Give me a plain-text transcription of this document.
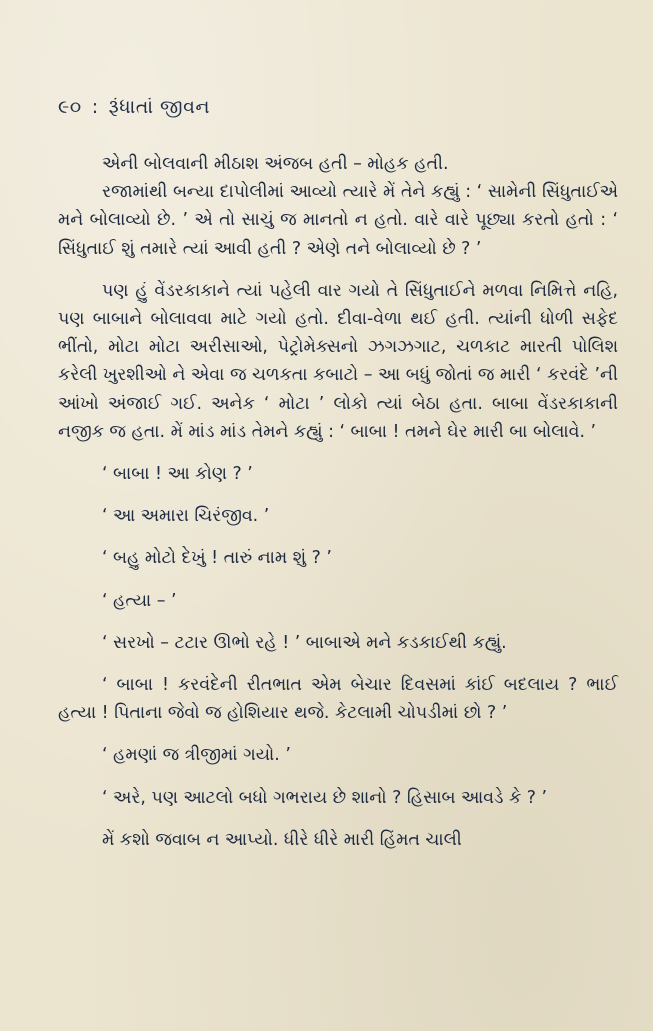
૯૦ : રૂંધાતાં જીવન

એની બોલવાની મીઠાશ અંજબ હતી – મોહક હતી.

રજામાંથી બન્યા દાપોલીમાં આવ્યો ત્યારે મેં તેને કહ્યું : ‘ સામેની સિંધુતાઈએ મને બોલાવ્યો છે. ’ એ તો સાચું જ માનતો ન હતો. વારે વારે પૂછ્યા કરતો હતો : ‘ સિંધુતાઈ શું તમારે ત્યાં આવી હતી ? એણે તને બોલાવ્યો છે ? ’

પણ હું વેંડરકાકાને ત્યાં પહેલી વાર ગયો તે સિંધુતાઈને મળવા નિમિત્તે નહિ, પણ બાબાને બોલાવવા માટે ગયો હતો. દીવા-વેળા થઈ હતી. ત્યાંની ધોળી સફેદ ભીંતો, મોટા મોટા અરીસાઓ, પેટ્રોમેક્સનો ઝગઝગાટ, ચળકાટ મારતી પોલિશ કરેલી ખુરશીઓ ને એવા જ ચળકતા કબાટો – આ બધું જોતાં જ મારી ‘ કરવંદે ’ની આંખો અંજાઈ ગઈ. અનેક ‘ મોટા ’ લોકો ત્યાં બેઠા હતા. બાબા વેંડરકાકાની નજીક જ હતા. મેં માંડ માંડ તેમને કહ્યું : ‘ બાબા ! તમને ઘેર મારી બા બોલાવે. ’

‘ બાબા ! આ કોણ ? ’

‘ આ અમારા ચિરંજીવ. ’

‘ બહુ મોટો દેખું ! તારું નામ શું ? ’

‘ હત્યા – ’

‘ સરખો – ટટાર ઊભો રહે ! ’ બાબાએ મને કડકાઈથી કહ્યું.

‘ બાબા ! કરવંદેની રીતભાત એમ બેચાર દિવસમાં કાંઈ બદલાય ? ભાઈ હત્યા ! પિતાના જેવો જ હોશિયાર થજે. કેટલામી ચોપડીમાં છો ? ’

‘ હમણાં જ ત્રીજીમાં ગયો. ’

‘ અરે, પણ આટલો બધો ગભરાય છે શાનો ? હિસાબ આવડે કે ? ’

મેં કશો જવાબ ન આપ્યો. ધીરે ધીરે મારી હિંમત ચાલી
